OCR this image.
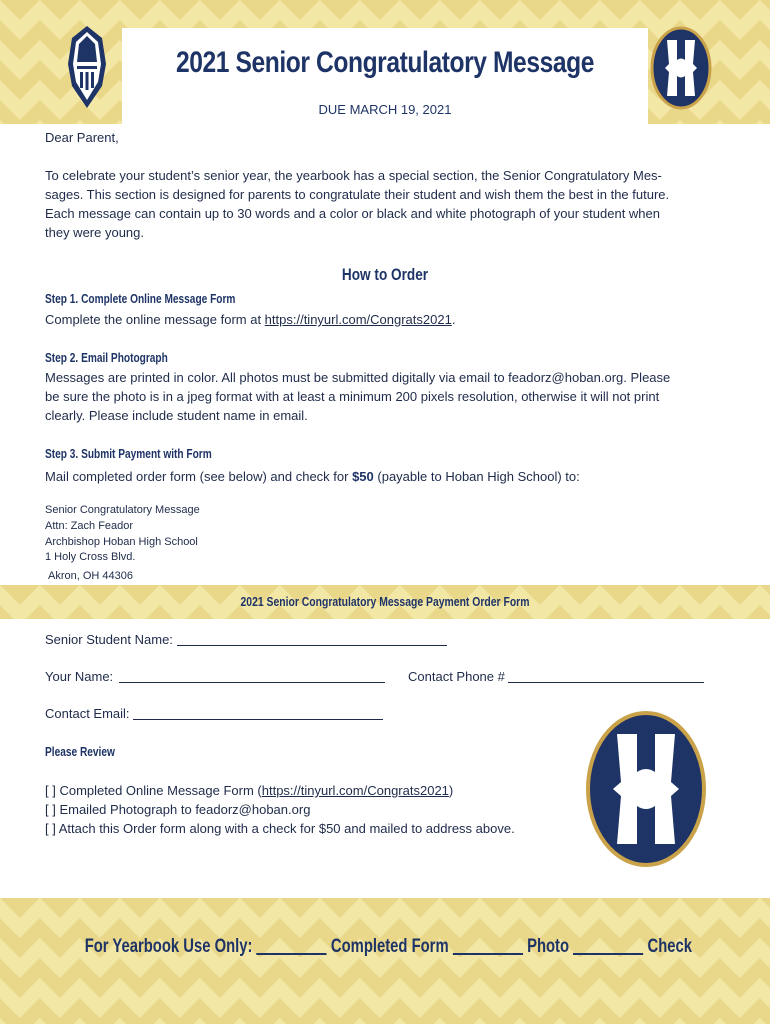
2021 Senior Congratulatory Message
DUE MARCH 19, 2021
Dear Parent,
To celebrate your student’s senior year, the yearbook has a special section, the Senior Congratulatory Mes-
sages. This section is designed for parents to congratulate their student and wish them the best in the future.
Each message can contain up to 30 words and a color or black and white photograph of your student when
they were young.
How to Order
Step 1. Complete Online Message Form
Complete the online message form at https://tinyurl.com/Congrats2021.
Step 2. Email Photograph
Messages are printed in color. All photos must be submitted digitally via email to feadorz@hoban.org. Please
be sure the photo is in a jpeg format with at least a minimum 200 pixels resolution, otherwise it will not print
clearly. Please include student name in email.
Step 3. Submit Payment with Form
Mail completed order form (see below) and check for $50 (payable to Hoban High School) to:
Senior Congratulatory Message
Attn: Zach Feador
Archbishop Hoban High School
1 Holy Cross Blvd.
Akron, OH 44306
2021 Senior Congratulatory Message Payment Order Form
Senior Student Name:
Your Name:	Contact Phone #
Contact Email:
Please Review
[ ] Completed Online Message Form (https://tinyurl.com/Congrats2021)
[ ] Emailed Photograph to feadorz@hoban.org
[ ] Attach this Order form along with a check for $50 and mailed to address above.
For Yearbook Use Only:	Completed Form	Photo	Check
